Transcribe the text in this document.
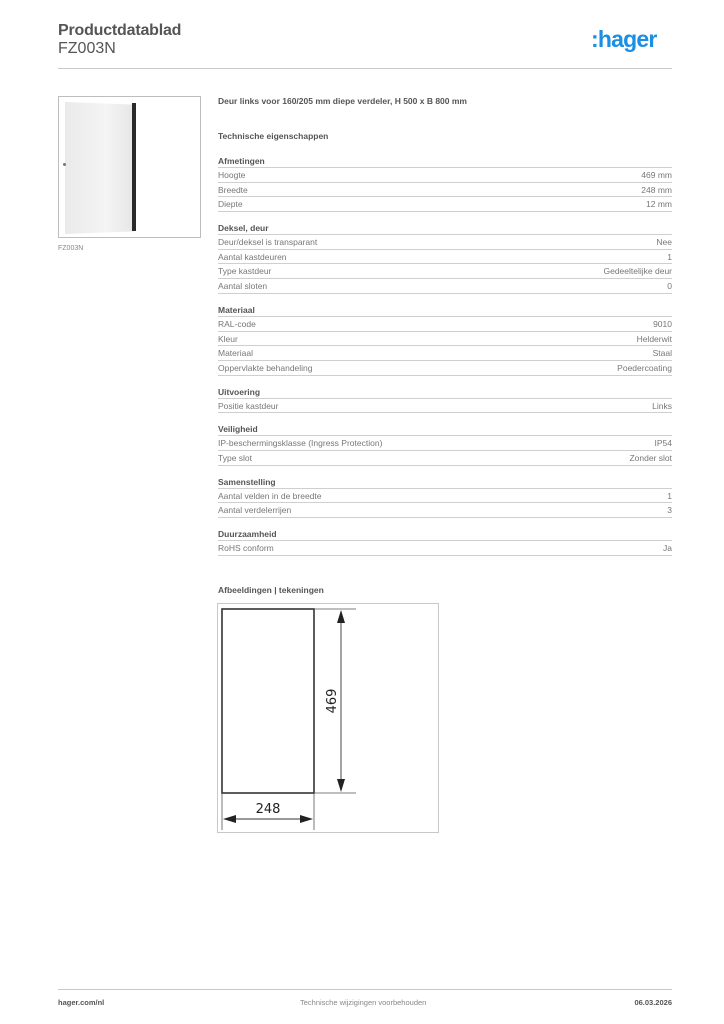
Productdatablad
FZ003N	:hager
FZ003N
Deur links voor 160/205 mm diepe verdeler, H 500 x B 800 mm
Technische eigenschappen
Afmetingen
Hoogte	469 mm
Breedte	248 mm
Diepte	12 mm
Deksel, deur
Deur/deksel is transparant	Nee
Aantal kastdeuren	1
Type kastdeur	Gedeeltelijke deur
Aantal sloten	0
Materiaal
RAL-code	9010
Kleur	Helderwit
Materiaal	Staal
Oppervlakte behandeling	Poedercoating
Uitvoering
Positie kastdeur	Links
Veiligheid
IP-beschermingsklasse (Ingress Protection)	IP54
Type slot	Zonder slot
Samenstelling
Aantal velden in de breedte	1
Aantal verdelerrijen	3
Duurzaamheid
RoHS conform	Ja
Afbeeldingen | tekeningen
469
248
hager.com/nl	Technische wijzigingen voorbehouden	06.03.2026
